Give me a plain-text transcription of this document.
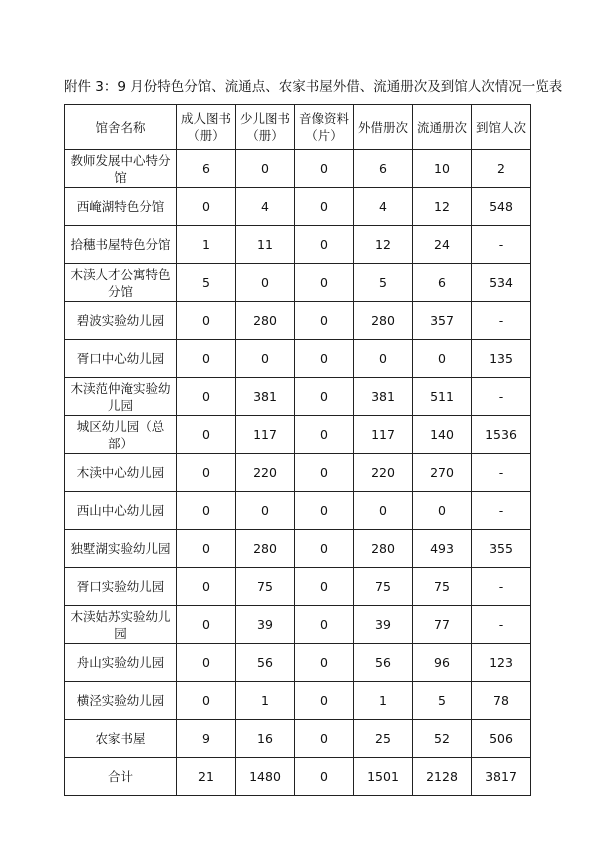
附件 3：9 月份特色分馆、流通点、农家书屋外借、流通册次及到馆人次情况一览表
馆舍名称	成人图书（册）	少儿图书（册）	音像资料（片）	外借册次	流通册次	到馆人次
教师发展中心特分馆	6	0	0	6	10	2
西崦湖特色分馆	0	4	0	4	12	548
拾穗书屋特色分馆	1	11	0	12	24	-
木渎人才公寓特色分馆	5	0	0	5	6	534
碧波实验幼儿园	0	280	0	280	357	-
胥口中心幼儿园	0	0	0	0	0	135
木渎范仲淹实验幼儿园	0	381	0	381	511	-
城区幼儿园（总部）	0	117	0	117	140	1536
木渎中心幼儿园	0	220	0	220	270	-
西山中心幼儿园	0	0	0	0	0	-
独墅湖实验幼儿园	0	280	0	280	493	355
胥口实验幼儿园	0	75	0	75	75	-
木渎姑苏实验幼儿园	0	39	0	39	77	-
舟山实验幼儿园	0	56	0	56	96	123
横泾实验幼儿园	0	1	0	1	5	78
农家书屋	9	16	0	25	52	506
合计	21	1480	0	1501	2128	3817
